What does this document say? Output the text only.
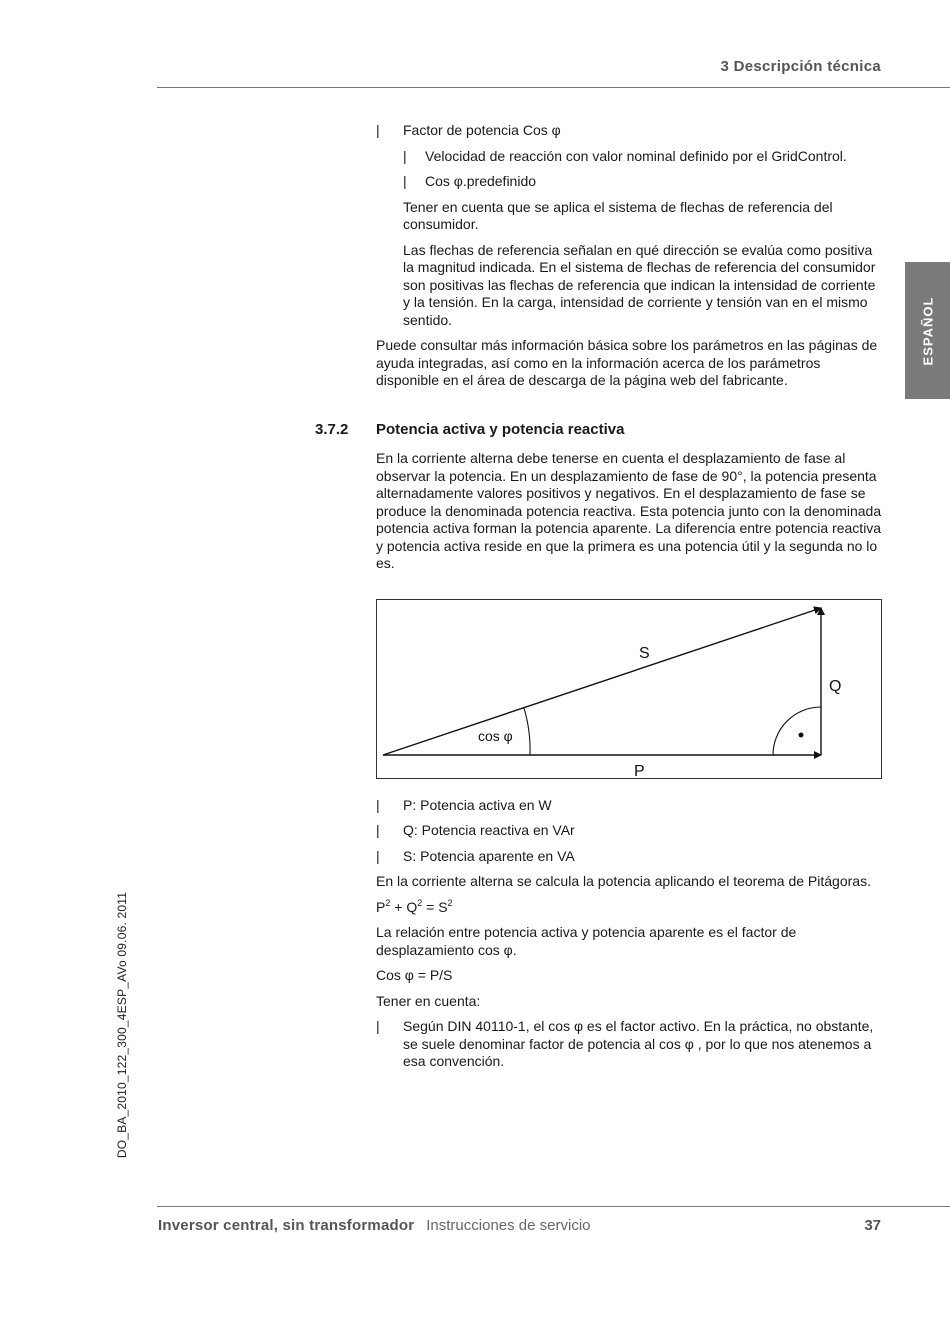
3 Descripción técnica
ESPAÑOL
DO_BA_2010_122_300_4ESP_AVo 09.06. 2011
| Factor de potencia Cos φ
| Velocidad de reacción con valor nominal definido por el GridControl.
| Cos φ.predefinido

Tener en cuenta que se aplica el sistema de flechas de referencia del consumidor.

Las flechas de referencia señalan en qué dirección se evalúa como positiva la magnitud indicada. En el sistema de flechas de referencia del consumidor son positivas las flechas de referencia que indican la intensidad de corriente y la tensión. En la carga, intensidad de corriente y tensión van en el mismo sentido.

Puede consultar más información básica sobre los parámetros en las páginas de ayuda integradas, así como en la información acerca de los parámetros disponible en el área de descarga de la página web del fabricante.

3.7.2 Potencia activa y potencia reactiva

En la corriente alterna debe tenerse en cuenta el desplazamiento de fase al observar la potencia. En un desplazamiento de fase de 90°, la potencia presenta alternadamente valores positivos y negativos. En el desplazamiento de fase se produce la denominada potencia reactiva. Esta potencia junto con la denominada potencia activa forman la potencia aparente. La diferencia entre potencia reactiva y potencia activa reside en que la primera es una potencia útil y la segunda no lo es.

S
Q
P
cos φ
| P: Potencia activa en W
| Q: Potencia reactiva en VAr
| S: Potencia aparente en VA

En la corriente alterna se calcula la potencia aplicando el teorema de Pitágoras.

$P^2 + Q^2 = S^2$

La relación entre potencia activa y potencia aparente es el factor de desplazamiento cos φ.

Cos φ = P/S

Tener en cuenta:

| Según DIN 40110-1, el cos φ es el factor activo. En la práctica, no obstante, se suele denominar factor de potencia al cos φ , por lo que nos atenemos a esa convención.
Inversor central, sin transformador Instrucciones de servicio	37
